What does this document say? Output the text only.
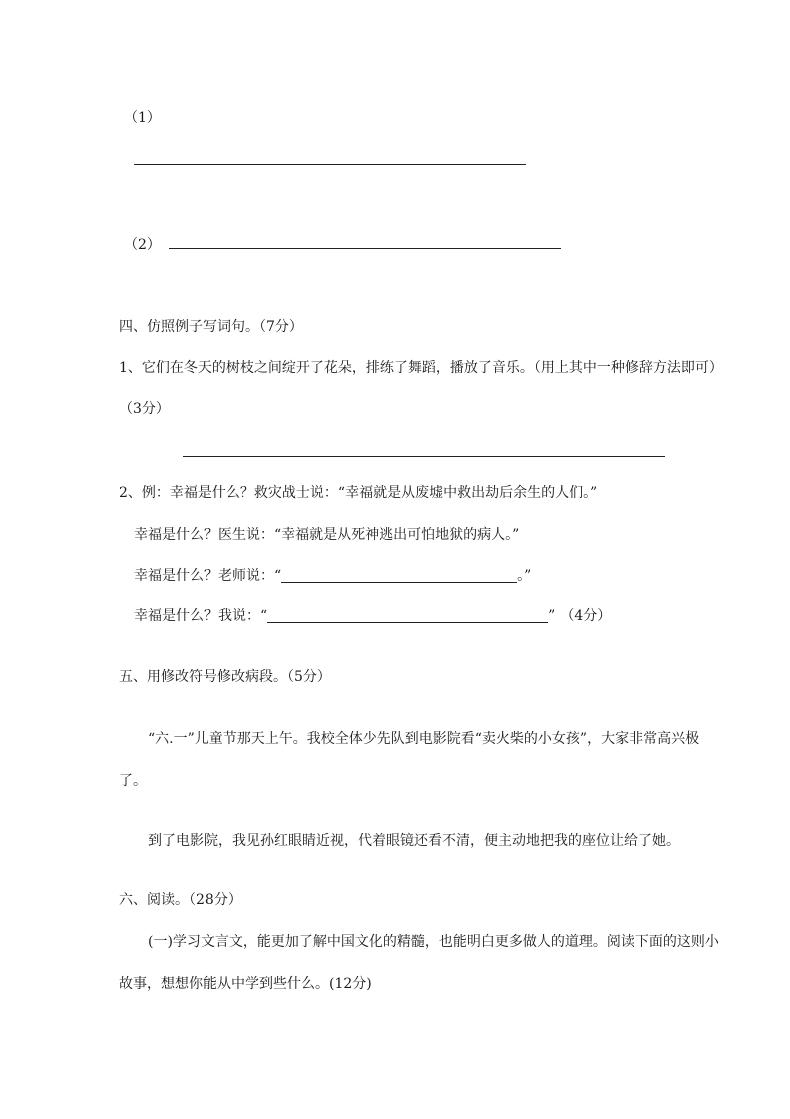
（1）
（2）
四、仿照例子写词句。（7分）
1、它们在冬天的树枝之间绽开了花朵，排练了舞蹈，播放了音乐。（用上其中一种修辞方法即可）
（3分）
2、例：幸福是什么？救灾战士说：“幸福就是从废墟中救出劫后余生的人们。”
幸福是什么？医生说：“幸福就是从死神逃出可怕地狱的病人。”
幸福是什么？老师说：“	。”
幸福是什么？我说：“	” （4分）
五、用修改符号修改病段。（5分）
“六.一”儿童节那天上午。我校全体少先队到电影院看“卖火柴的小女孩”，大家非常高兴极
了。
到了电影院，我见孙红眼睛近视，代着眼镜还看不清，便主动地把我的座位让给了她。
六、阅读。（28分）
(一)学习文言文，能更加了解中国文化的精髓，也能明白更多做人的道理。阅读下面的这则小
故事，想想你能从中学到些什么。(12分)
